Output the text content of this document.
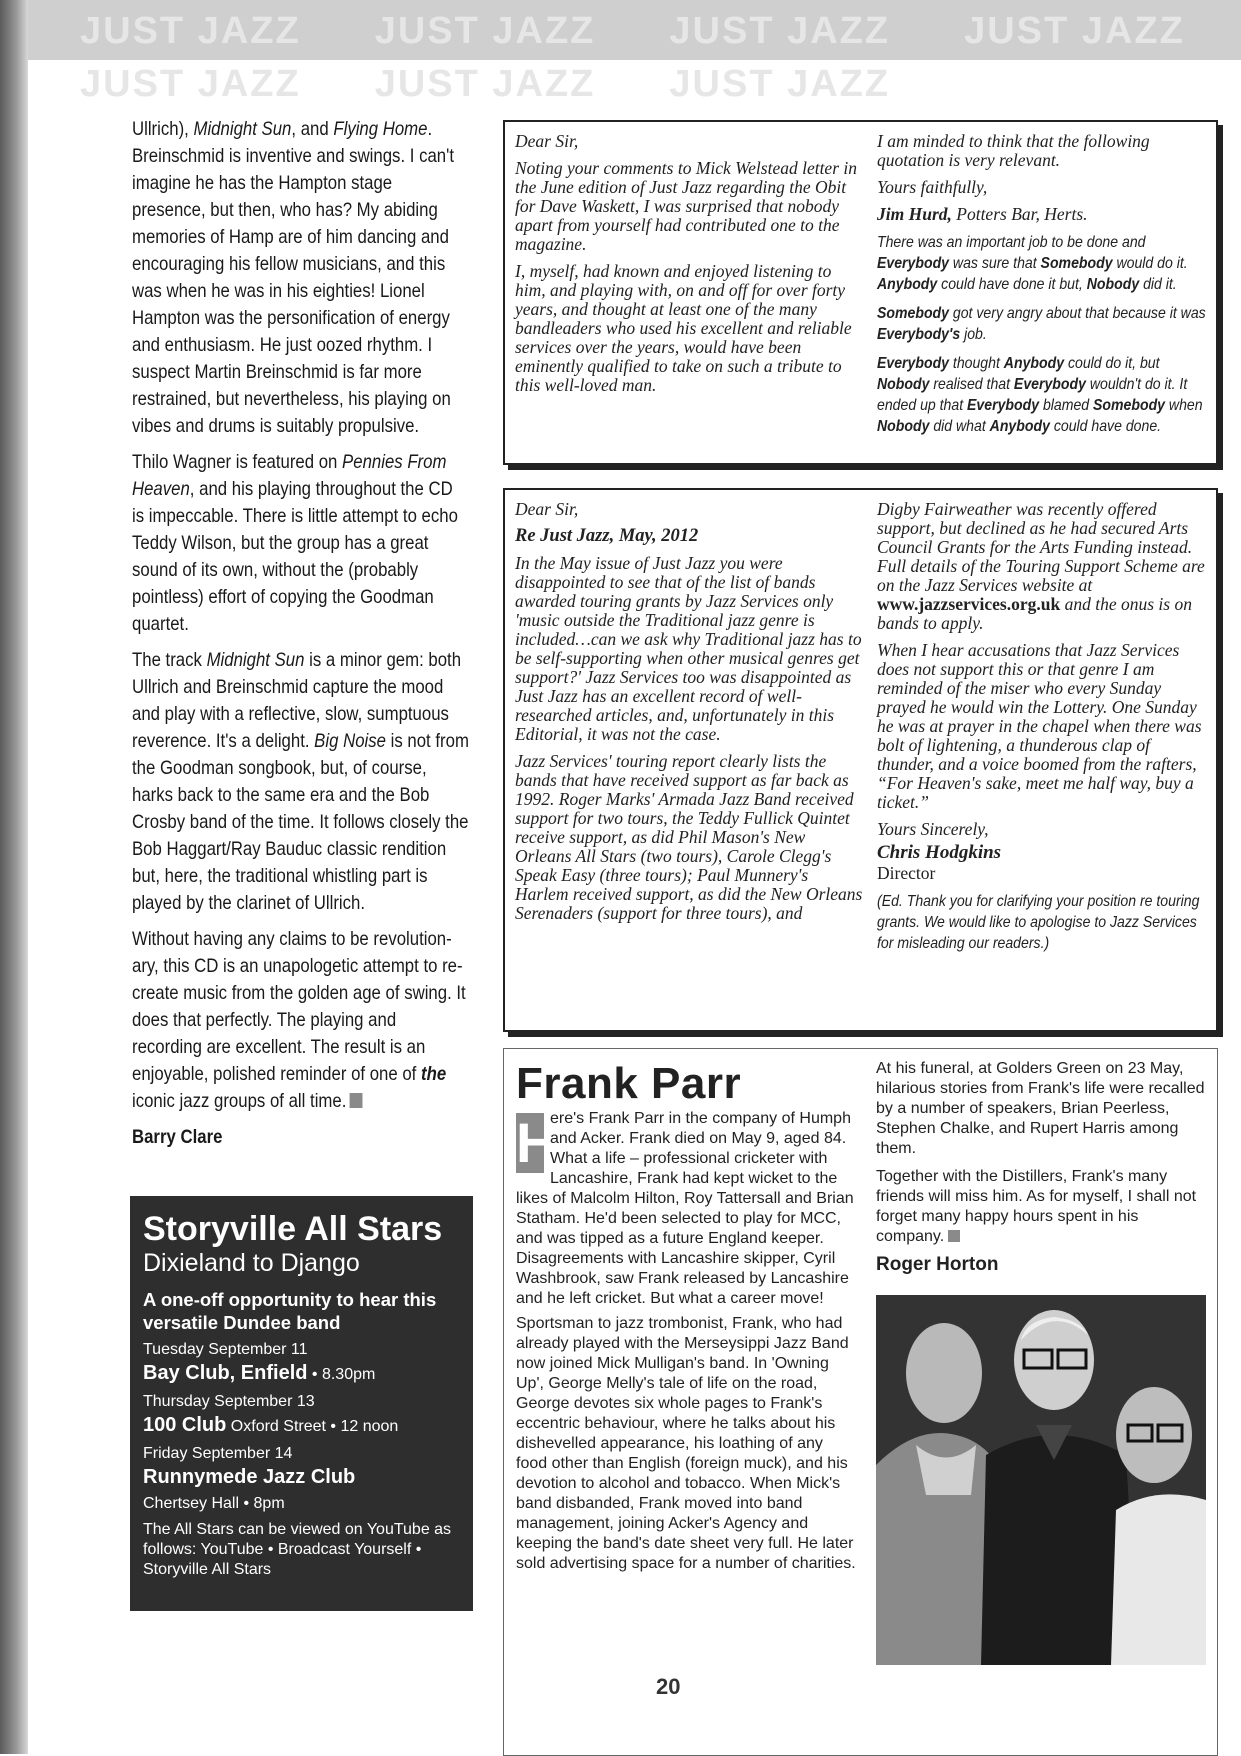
JUST JAZZ JUST JAZZ JUST JAZZ JUST JAZZJUST JAZZ JUST JAZZ JUST JAZZ

Ullrich), Midnight Sun, and Flying Home. Breinschmid is inventive and swings. I can't imagine he has the Hampton stage presence, but then, who has? My abiding memories of Hamp are of him dancing and encouraging his fellow musicians, and this was when he was in his eighties! Lionel Hampton was the personification of energy and enthusiasm. He just oozed rhythm. I suspect Martin Breinschmid is far more restrained, but nevertheless, his playing on vibes and drums is suitably propulsive.

Thilo Wagner is featured on Pennies From Heaven, and his playing throughout the CD is impeccable. There is little attempt to echo Teddy Wilson, but the group has a great sound of its own, without the (probably pointless) effort of copying the Goodman quartet.

The track Midnight Sun is a minor gem: both Ullrich and Breinschmid capture the mood and play with a reflective, slow, sumptuous reverence. It's a delight. Big Noise is not from the Goodman songbook, but, of course, harks back to the same era and the Bob Crosby band of the time. It follows closely the Bob Haggart/Ray Bauduc classic rendition but, here, the traditional whistling part is played by the clarinet of Ullrich.

Without having any claims to be revolution-ary, this CD is an unapologetic attempt to re-create music from the golden age of swing. It does that perfectly. The playing and recording are excellent. The result is an enjoyable, polished reminder of one of the iconic jazz groups of all time.

Barry Clare
Storyville All Stars
Dixieland to Django
A one-off opportunity to hear this versatile Dundee band
Tuesday September 11
Bay Club, Enfield • 8.30pm
Thursday September 13
100 Club Oxford Street • 12 noon
Friday September 14
Runnymede Jazz Club
Chertsey Hall • 8pm
The All Stars can be viewed on YouTube as follows: YouTube • Broadcast Yourself • Storyville All Stars

Dear Sir,

Noting your comments to Mick Welstead letter in the June edition of Just Jazz regarding the Obit for Dave Waskett, I was surprised that nobody apart from yourself had contributed one to the magazine.

I, myself, had known and enjoyed listening to him, and playing with, on and off for over forty years, and thought at least one of the many bandleaders who used his excellent and reliable services over the years, would have been eminently qualified to take on such a tribute to this well-loved man.

I am minded to think that the following quotation is very relevant.

Yours faithfully,

Jim Hurd, Potters Bar, Herts.

There was an important job to be done and Everybody was sure that Somebody would do it. Anybody could have done it but, Nobody did it.

Somebody got very angry about that because it was Everybody's job.

Everybody thought Anybody could do it, but Nobody realised that Everybody wouldn't do it. It ended up that Everybody blamed Somebody when Nobody did what Anybody could have done.

Dear Sir,

Re Just Jazz, May, 2012

In the May issue of Just Jazz you were disappointed to see that of the list of bands awarded touring grants by Jazz Services only 'music outside the Traditional jazz genre is included…can we ask why Traditional jazz has to be self-supporting when other musical genres get support?' Jazz Services too was disappointed as Just Jazz has an excellent record of well-researched articles, and, unfortunately in this Editorial, it was not the case.

Jazz Services' touring report clearly lists the bands that have received support as far back as 1992. Roger Marks' Armada Jazz Band received support for two tours, the Teddy Fullick Quintet receive support, as did Phil Mason's New Orleans All Stars (two tours), Carole Clegg's Speak Easy (three tours); Paul Munnery's Harlem received support, as did the New Orleans Serenaders (support for three tours), and

Digby Fairweather was recently offered support, but declined as he had secured Arts Council Grants for the Arts Funding instead. Full details of the Touring Support Scheme are on the Jazz Services website at www.jazzservices.org.uk and the onus is on bands to apply.

When I hear accusations that Jazz Services does not support this or that genre I am reminded of the miser who every Sunday prayed he would win the Lottery. One Sunday he was at prayer in the chapel when there was bolt of lightening, a thunderous clap of thunder, and a voice boomed from the rafters, “For Heaven's sake, meet me half way, buy a ticket.”

Yours Sincerely,

Chris Hodgkins

Director

(Ed. Thank you for clarifying your position re touring grants. We would like to apologise to Jazz Services for misleading our readers.)
Frank Parr

H
ere's Frank Parr in the company of Humph and Acker. Frank died on May 9, aged 84. What a life – professional cricketer with Lancashire, Frank had kept wicket to the likes of Malcolm Hilton, Roy Tattersall and Brian Statham. He'd been selected to play for MCC, and was tipped as a future England keeper. Disagreements with Lancashire skipper, Cyril Washbrook, saw Frank released by Lancashire and he left cricket. But what a career move!

Sportsman to jazz trombonist, Frank, who had already played with the Merseysippi Jazz Band now joined Mick Mulligan's band. In 'Owning Up', George Melly's tale of life on the road, George devotes six whole pages to Frank's eccentric behaviour, where he talks about his dishevelled appearance, his loathing of any food other than English (foreign muck), and his devotion to alcohol and tobacco. When Mick's band disbanded, Frank moved into band management, joining Acker's Agency and keeping the band's date sheet very full. He later sold advertising space for a number of charities.

At his funeral, at Golders Green on 23 May, hilarious stories from Frank's life were recalled by a number of speakers, Brian Peerless, Stephen Chalke, and Rupert Harris among them.

Together with the Distillers, Frank's many friends will miss him. As for myself, I shall not forget many happy hours spent in his company.

Roger Horton
20
